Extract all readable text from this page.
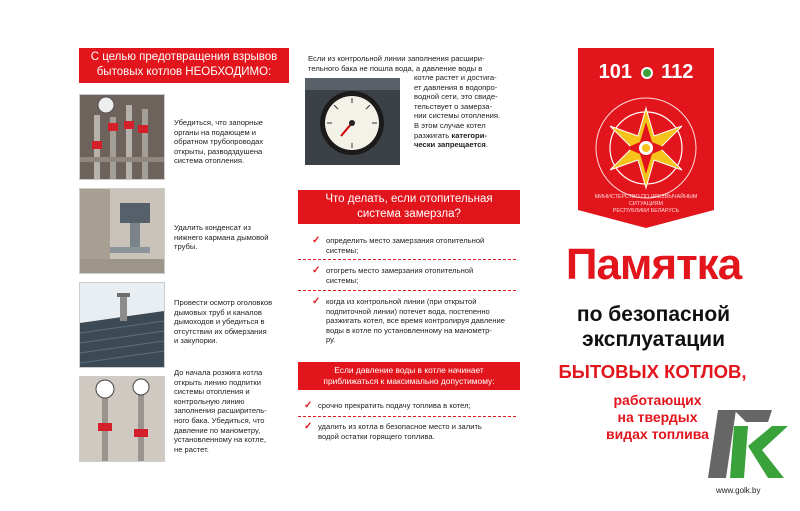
С целью предотвращения взрывов
бытовых котлов НЕОБХОДИМО:
Убедиться, что запорные
органы на подающем и
обратном трубопроводах
открыты, разводздушена
система отопления.
Удалить конденсат из
нижнего кармана дымовой
трубы.
Провести осмотр оголовков
дымовых труб и каналов
дымоходов и убедиться в
отсутствии их обмерзания
и закупорки.
До начала розжига котла
открыть линию подпитки
системы отопления и
контрольную линию
заполнения расширитель-
ного бака. Убедиться, что
давление по манометру,
установленному на котле,
не растет.
Если из контрольной линии заполнения расшири-
тельного бака не пошла вода, а давление воды в
котле растет и достига-
ет давления в водопро-
водной сети, это свиде-
тельствует о замерза-
нии системы отопления.
В этом случае котел
разжигать категори-
чески запрещается.
Что делать, если отопительная
система замерзла?
✓ определить место замерзания отопительной
системы;
✓ отогреть место замерзания отопительной
системы;
✓ когда из контрольной линии (при открытой
подпиточной линии) потечет вода, постепенно
разжигать котел, все время контролируя давление
воды в котле по установленному на манометр-
ру.
Если давление воды в котле начинает
приближаться к максимально допустимому:
✓ срочно прекратить подачу топлива в котел;
✓ удалить из котла в безопасное место и залить
водой остатки горящего топлива.
101 112
МИНИСТЕРСТВО ПО ЧРЕЗВЫЧАЙНЫМ СИТУАЦИЯМ
РЕСПУБЛИКИ БЕЛАРУСЬ
Памятка
по безопасной
эксплуатации
БЫТОВЫХ КОТЛОВ,
работающих
на твердых
видах топлива
www.golk.by
